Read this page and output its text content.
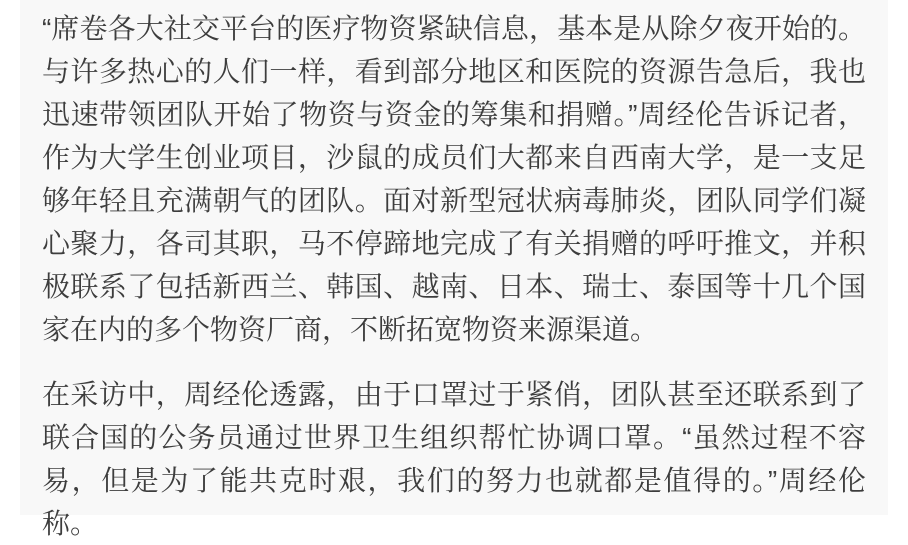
“席卷各大社交平台的医疗物资紧缺信息，基本是从除夕夜开始的。与许多热心的人们一样，看到部分地区和医院的资源告急后，我也迅速带领团队开始了物资与资金的筹集和捐赠。”周经伦告诉记者，作为大学生创业项目，沙鼠的成员们大都来自西南大学，是一支足够年轻且充满朝气的团队。面对新型冠状病毒肺炎，团队同学们凝心聚力，各司其职，马不停蹄地完成了有关捐赠的呼吁推文，并积极联系了包括新西兰、韩国、越南、日本、瑞士、泰国等十几个国家在内的多个物资厂商，不断拓宽物资来源渠道。

在采访中，周经伦透露，由于口罩过于紧俏，团队甚至还联系到了联合国的公务员通过世界卫生组织帮忙协调口罩。“虽然过程不容易，但是为了能共克时艰，我们的努力也就都是值得的。”周经伦称。
